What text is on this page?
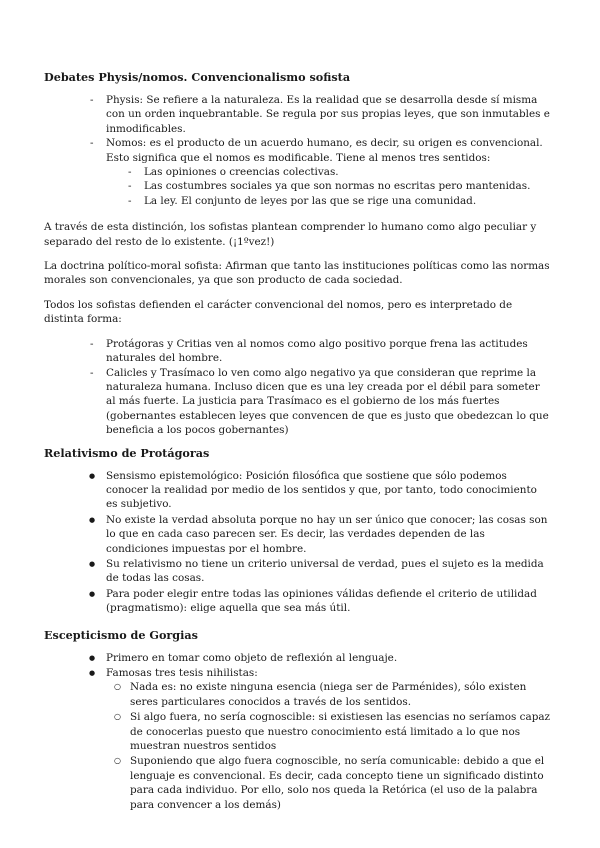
Debates Physis/nomos. Convencionalismo sofista
- Physis: Se refiere a la naturaleza. Es la realidad que se desarrolla desde sí misma con un orden inquebrantable. Se regula por sus propias leyes, que son inmutables e inmodificables.
- Nomos: es el producto de un acuerdo humano, es decir, su origen es convencional. Esto significa que el nomos es modificable. Tiene al menos tres sentidos:
- Las opiniones o creencias colectivas.
- Las costumbres sociales ya que son normas no escritas pero mantenidas.
- La ley. El conjunto de leyes por las que se rige una comunidad.

A través de esta distinción, los sofistas plantean comprender lo humano como algo peculiar y separado del resto de lo existente. (¡1ºvez!)

La doctrina político-moral sofista: Afirman que tanto las instituciones políticas como las normas morales son convencionales, ya que son producto de cada sociedad.

Todos los sofistas defienden el carácter convencional del nomos, pero es interpretado de distinta forma:

- Protágoras y Critias ven al nomos como algo positivo porque frena las actitudes naturales del hombre.
- Calicles y Trasímaco lo ven como algo negativo ya que consideran que reprime la naturaleza humana. Incluso dicen que es una ley creada por el débil para someter al más fuerte. La justicia para Trasímaco es el gobierno de los más fuertes (gobernantes establecen leyes que convencen de que es justo que obedezcan lo que beneficia a los pocos gobernantes)
Relativismo de Protágoras
● Sensismo epistemológico: Posición filosófica que sostiene que sólo podemos conocer la realidad por medio de los sentidos y que, por tanto, todo conocimiento es subjetivo.
● No existe la verdad absoluta porque no hay un ser único que conocer; las cosas son lo que en cada caso parecen ser. Es decir, las verdades dependen de las condiciones impuestas por el hombre.
● Su relativismo no tiene un criterio universal de verdad, pues el sujeto es la medida de todas las cosas.
● Para poder elegir entre todas las opiniones válidas defiende el criterio de utilidad (pragmatismo): elige aquella que sea más útil.
Escepticismo de Gorgias
● Primero en tomar como objeto de reflexión al lenguaje.
● Famosas tres tesis nihilistas:
○ Nada es: no existe ninguna esencia (niega ser de Parménides), sólo existen seres particulares conocidos a través de los sentidos.
○ Si algo fuera, no sería cognoscible: si existiesen las esencias no seríamos capaz de conocerlas puesto que nuestro conocimiento está limitado a lo que nos muestran nuestros sentidos
○ Suponiendo que algo fuera cognoscible, no sería comunicable: debido a que el lenguaje es convencional. Es decir, cada concepto tiene un significado distinto para cada individuo. Por ello, solo nos queda la Retórica (el uso de la palabra para convencer a los demás)
